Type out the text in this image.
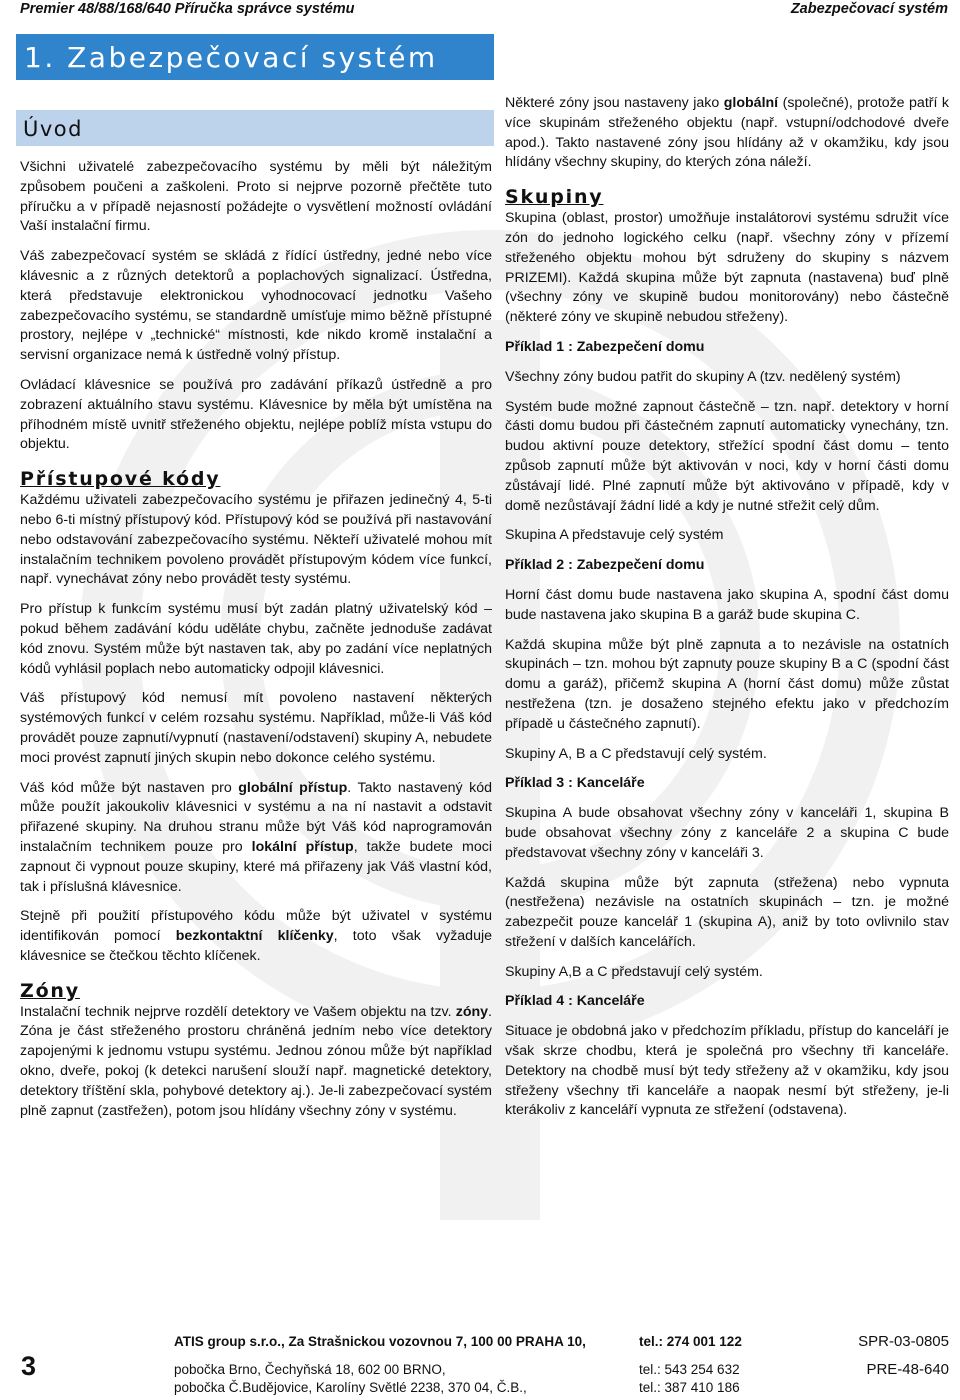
Premier 48/88/168/640 Příručka správce systému	Zabezpečovací systém
1. Zabezpečovací systém
Úvod

Všichni uživatelé zabezpečovacího systému by měli být náležitým způsobem poučeni a zaškoleni. Proto si nejprve pozorně přečtěte tuto příručku a v případě nejasností požádejte o vysvětlení možností ovládání Vaší instalační firmu.

Váš zabezpečovací systém se skládá z řídící ústředny, jedné nebo více klávesnic a z různých detektorů a poplachových signalizací. Ústředna, která představuje elektronickou vyhodnocovací jednotku Vašeho zabezpečovacího systému, se standardně umísťuje mimo běžně přístupné prostory, nejlépe v „technické“ místnosti, kde nikdo kromě instalační a servisní organizace nemá k ústředně volný přístup.

Ovládací klávesnice se používá pro zadávání příkazů ústředně a pro zobrazení aktuálního stavu systému. Klávesnice by měla být umístěna na příhodném místě uvnitř střeženého objektu, nejlépe poblíž místa vstupu do objektu.

Přístupové kódy

Každému uživateli zabezpečovacího systému je přiřazen jedinečný 4, 5-ti nebo 6-ti místný přístupový kód. Přístupový kód se používá při nastavování nebo odstavování zabezpečovacího systému. Někteří uživatelé mohou mít instalačním technikem povoleno provádět přístupovým kódem více funkcí, např. vynechávat zóny nebo provádět testy systému.

Pro přístup k funkcím systému musí být zadán platný uživatelský kód – pokud během zadávání kódu uděláte chybu, začněte jednoduše zadávat kód znovu. Systém může být nastaven tak, aby po zadání více neplatných kódů vyhlásil poplach nebo automaticky odpojil klávesnici.

Váš přístupový kód nemusí mít povoleno nastavení některých systémových funkcí v celém rozsahu systému. Například, může-li Váš kód provádět pouze zapnutí/vypnutí (nastavení/odstavení) skupiny A, nebudete moci provést zapnutí jiných skupin nebo dokonce celého systému.

Váš kód může být nastaven pro globální přístup. Takto nastavený kód může použít jakoukoliv klávesnici v systému a na ní nastavit a odstavit přiřazené skupiny. Na druhou stranu může být Váš kód naprogramován instalačním technikem pouze pro lokální přístup, takže budete moci zapnout či vypnout pouze skupiny, které má přiřazeny jak Váš vlastní kód, tak i příslušná klávesnice.

Stejně při použití přístupového kódu může být uživatel v systému identifikován pomocí bezkontaktní klíčenky, toto však vyžaduje klávesnice se čtečkou těchto klíčenek.

Zóny

Instalační technik nejprve rozdělí detektory ve Vašem objektu na tzv. zóny. Zóna je část střeženého prostoru chráněná jedním nebo více detektory zapojenými k jednomu vstupu systému. Jednou zónou může být například okno, dveře, pokoj (k detekci narušení slouží např. magnetické detektory, detektory tříštění skla, pohybové detektory aj.). Je-li zabezpečovací systém plně zapnut (zastřežen), potom jsou hlídány všechny zóny v systému.

Některé zóny jsou nastaveny jako globální (společné), protože patří k více skupinám střeženého objektu (např. vstupní/odchodové dveře apod.). Takto nastavené zóny jsou hlídány až v okamžiku, kdy jsou hlídány všechny skupiny, do kterých zóna náleží.

Skupiny

Skupina (oblast, prostor) umožňuje instalátorovi systému sdružit více zón do jednoho logického celku (např. všechny zóny v přízemí střeženého objektu mohou být sdruženy do skupiny s názvem PRIZEMI). Každá skupina může být zapnuta (nastavena) buď plně (všechny zóny ve skupině budou monitorovány) nebo částečně (některé zóny ve skupině nebudou střeženy).

Příklad 1 : Zabezpečení domu

Všechny zóny budou patřit do skupiny A (tzv. nedělený systém)

Systém bude možné zapnout částečně – tzn. např. detektory v horní části domu budou při částečném zapnutí automaticky vynechány, tzn. budou aktivní pouze detektory, střežící spodní část domu – tento způsob zapnutí může být aktivován v noci, kdy v horní části domu zůstávají lidé. Plné zapnutí může být aktivováno v případě, kdy v domě nezůstávají žádní lidé a kdy je nutné střežit celý dům.

Skupina A představuje celý systém

Příklad 2 : Zabezpečení domu

Horní část domu bude nastavena jako skupina A, spodní část domu bude nastavena jako skupina B a garáž bude skupina C.

Každá skupina může být plně zapnuta a to nezávisle na ostatních skupinách – tzn. mohou být zapnuty pouze skupiny B a C (spodní část domu a garáž), přičemž skupina A (horní část domu) může zůstat nestřežena (tzn. je dosaženo stejného efektu jako v předchozím případě u částečného zapnutí).

Skupiny A, B a C představují celý systém.

Příklad 3 : Kanceláře

Skupina A bude obsahovat všechny zóny v kanceláři 1, skupina B bude obsahovat všechny zóny z kanceláře 2 a skupina C bude představovat všechny zóny v kanceláři 3.

Každá skupina může být zapnuta (střežena) nebo vypnuta (nestřežena) nezávisle na ostatních skupinách – tzn. je možné zabezpečit pouze kancelář 1 (skupina A), aniž by toto ovlivnilo stav střežení v dalších kancelářích.

Skupiny A,B a C představují celý systém.

Příklad 4 : Kanceláře

Situace je obdobná jako v předchozím příkladu, přístup do kanceláří je však skrze chodbu, která je společná pro všechny tři kanceláře. Detektory na chodbě musí být tedy střeženy až v okamžiku, kdy jsou střeženy všechny tři kanceláře a naopak nesmí být střeženy, je-li kterákoliv z kanceláří vypnuta ze střežení (odstavena).

3
ATIS group s.r.o., Za Strašnickou vozovnou 7, 100 00 PRAHA 10,	tel.: 274 001 122	SPR-03-0805
pobočka Brno, Čechyňská 18, 602 00 BRNO,	tel.: 543 254 632	PRE-48-640
pobočka Č.Budějovice, Karolíny Světlé 2238, 370 04, Č.B.,	tel.: 387 410 186
